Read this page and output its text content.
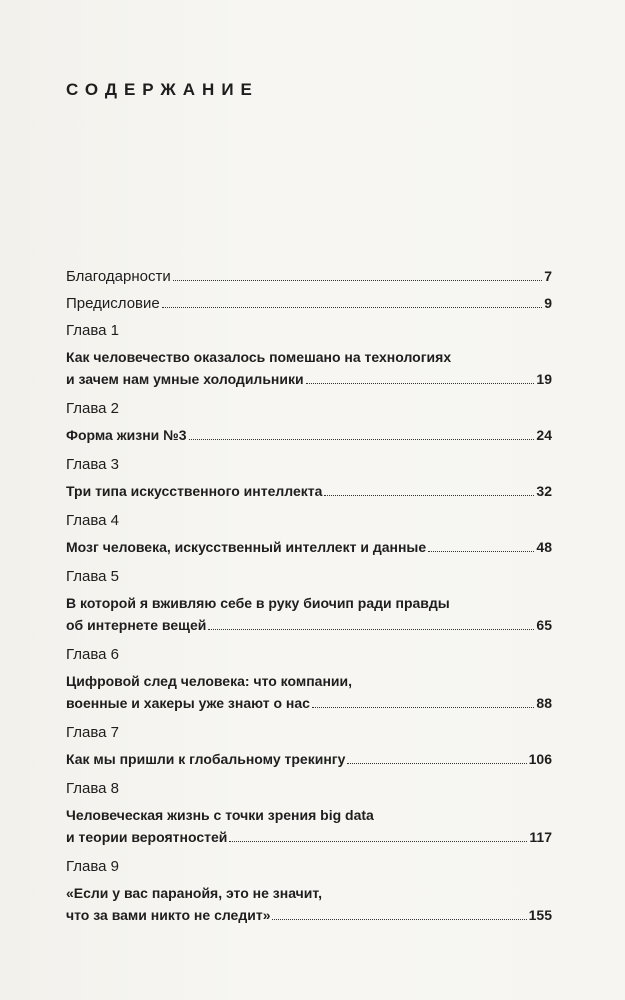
СОДЕРЖАНИЕ
Благодарности	7
Предисловие	9
Глава 1
Как человечество оказалось помешано на технологиях
и зачем нам умные холодильники	19
Глава 2
Форма жизни №3	24
Глава 3
Три типа искусственного интеллекта	32
Глава 4
Мозг человека, искусственный интеллект и данные	48
Глава 5
В которой я вживляю себе в руку биочип ради правды
об интернете вещей	65
Глава 6
Цифровой след человека: что компании,
военные и хакеры уже знают о нас	88
Глава 7
Как мы пришли к глобальному трекингу	106
Глава 8
Человеческая жизнь с точки зрения big data
и теории вероятностей	117
Глава 9
«Если у вас паранойя, это не значит,
что за вами никто не следит»	155
